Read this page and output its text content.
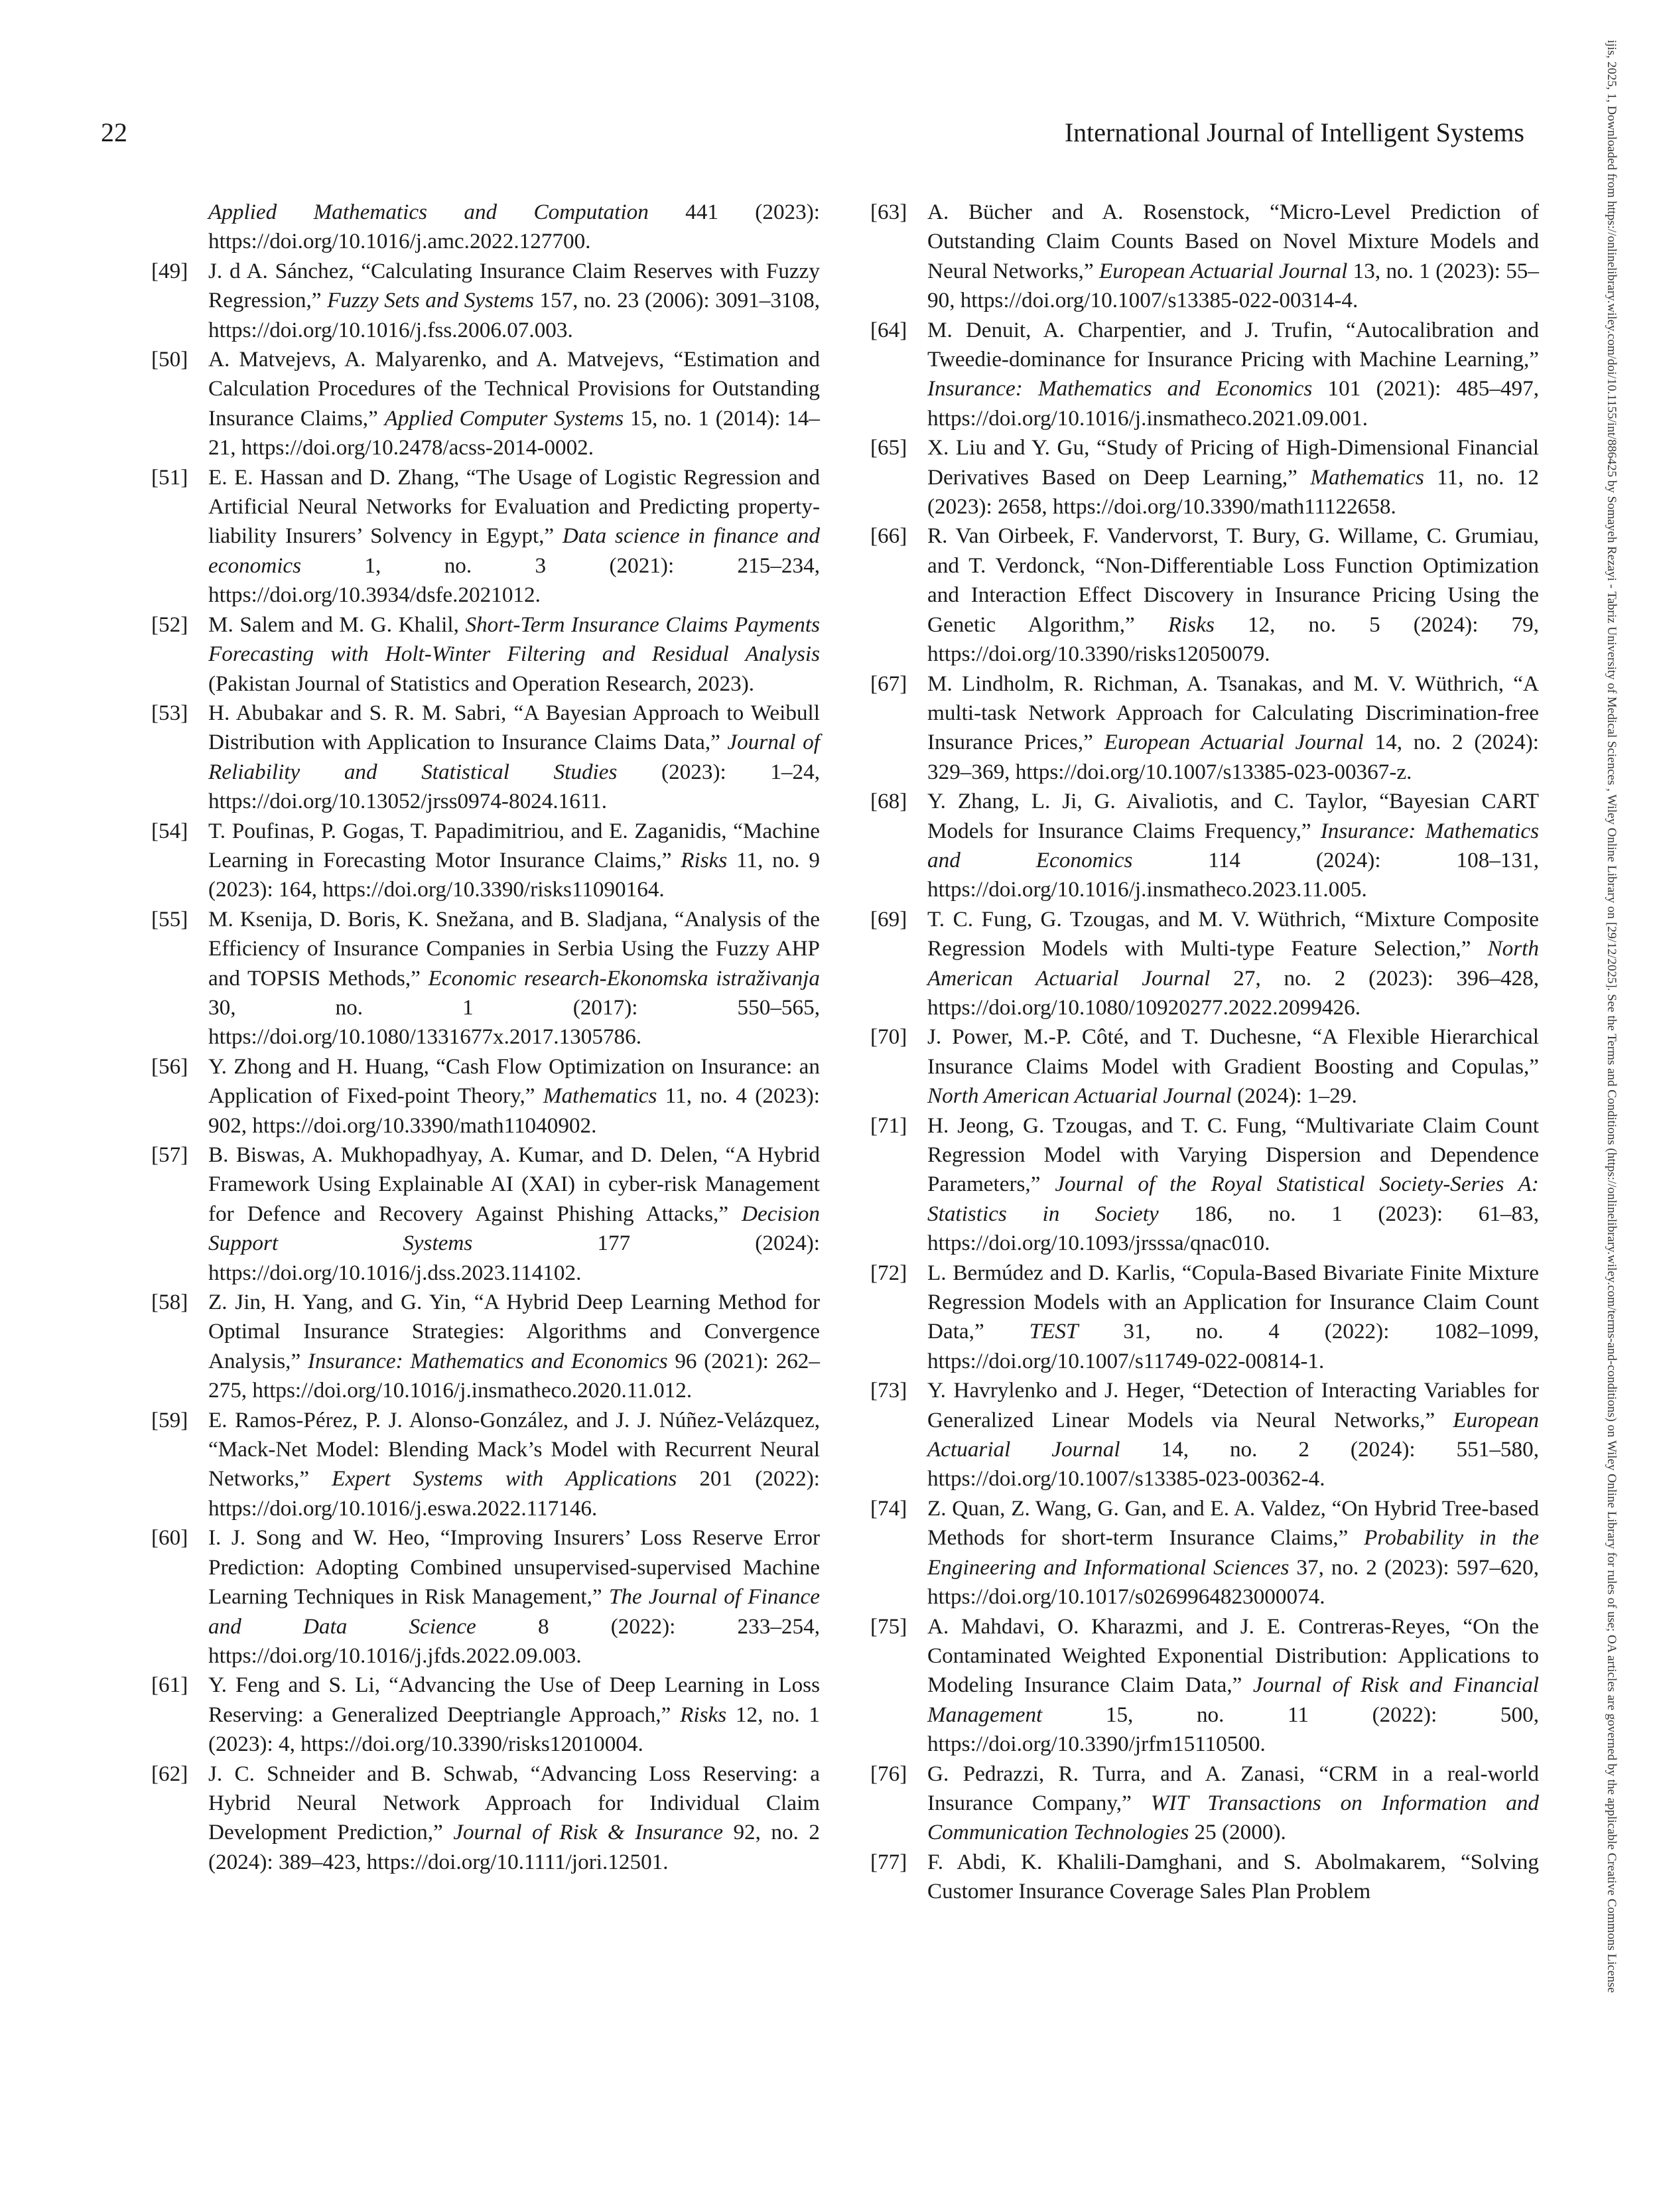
22	International Journal of Intelligent Systems

Applied Mathematics and Computation 441 (2023): https://doi.org/10.1016/j.amc.2022.127700.

[49] J. d A. Sánchez, “Calculating Insurance Claim Reserves with Fuzzy Regression,” Fuzzy Sets and Systems 157, no. 23 (2006): 3091–3108, https://doi.org/10.1016/j.fss.2006.07.003.

[50] A. Matvejevs, A. Malyarenko, and A. Matvejevs, “Estimation and Calculation Procedures of the Technical Provisions for Outstanding Insurance Claims,” Applied Computer Systems 15, no. 1 (2014): 14–21, https://doi.org/10.2478/acss-2014-0002.

[51] E. E. Hassan and D. Zhang, “The Usage of Logistic Regression and Artificial Neural Networks for Evaluation and Predicting property-liability Insurers’ Solvency in Egypt,” Data science in finance and economics 1, no. 3 (2021): 215–234, https://doi.org/10.3934/dsfe.2021012.

[52] M. Salem and M. G. Khalil, Short-Term Insurance Claims Payments Forecasting with Holt-Winter Filtering and Residual Analysis (Pakistan Journal of Statistics and Operation Research, 2023).

[53] H. Abubakar and S. R. M. Sabri, “A Bayesian Approach to Weibull Distribution with Application to Insurance Claims Data,” Journal of Reliability and Statistical Studies (2023): 1–24, https://doi.org/10.13052/jrss0974-8024.1611.

[54] T. Poufinas, P. Gogas, T. Papadimitriou, and E. Zaganidis, “Machine Learning in Forecasting Motor Insurance Claims,” Risks 11, no. 9 (2023): 164, https://doi.org/10.3390/risks11090164.

[55] M. Ksenija, D. Boris, K. Snežana, and B. Sladjana, “Analysis of the Efficiency of Insurance Companies in Serbia Using the Fuzzy AHP and TOPSIS Methods,” Economic research-Ekonomska istraživanja 30, no. 1 (2017): 550–565, https://doi.org/10.1080/1331677x.2017.1305786.

[56] Y. Zhong and H. Huang, “Cash Flow Optimization on Insurance: an Application of Fixed-point Theory,” Mathematics 11, no. 4 (2023): 902, https://doi.org/10.3390/math11040902.

[57] B. Biswas, A. Mukhopadhyay, A. Kumar, and D. Delen, “A Hybrid Framework Using Explainable AI (XAI) in cyber-risk Management for Defence and Recovery Against Phishing Attacks,” Decision Support Systems 177 (2024): https://doi.org/10.1016/j.dss.2023.114102.

[58] Z. Jin, H. Yang, and G. Yin, “A Hybrid Deep Learning Method for Optimal Insurance Strategies: Algorithms and Convergence Analysis,” Insurance: Mathematics and Economics 96 (2021): 262–275, https://doi.org/10.1016/j.insmatheco.2020.11.012.

[59] E. Ramos-Pérez, P. J. Alonso-González, and J. J. Núñez-Velázquez, “Mack-Net Model: Blending Mack’s Model with Recurrent Neural Networks,” Expert Systems with Applications 201 (2022): https://doi.org/10.1016/j.eswa.2022.117146.

[60] I. J. Song and W. Heo, “Improving Insurers’ Loss Reserve Error Prediction: Adopting Combined unsupervised-supervised Machine Learning Techniques in Risk Management,” The Journal of Finance and Data Science 8 (2022): 233–254, https://doi.org/10.1016/j.jfds.2022.09.003.

[61] Y. Feng and S. Li, “Advancing the Use of Deep Learning in Loss Reserving: a Generalized Deeptriangle Approach,” Risks 12, no. 1 (2023): 4, https://doi.org/10.3390/risks12010004.

[62] J. C. Schneider and B. Schwab, “Advancing Loss Reserving: a Hybrid Neural Network Approach for Individual Claim Development Prediction,” Journal of Risk & Insurance 92, no. 2 (2024): 389–423, https://doi.org/10.1111/jori.12501.

[63] A. Bücher and A. Rosenstock, “Micro-Level Prediction of Outstanding Claim Counts Based on Novel Mixture Models and Neural Networks,” European Actuarial Journal 13, no. 1 (2023): 55–90, https://doi.org/10.1007/s13385-022-00314-4.

[64] M. Denuit, A. Charpentier, and J. Trufin, “Autocalibration and Tweedie-dominance for Insurance Pricing with Machine Learning,” Insurance: Mathematics and Economics 101 (2021): 485–497, https://doi.org/10.1016/j.insmatheco.2021.09.001.

[65] X. Liu and Y. Gu, “Study of Pricing of High-Dimensional Financial Derivatives Based on Deep Learning,” Mathematics 11, no. 12 (2023): 2658, https://doi.org/10.3390/math11122658.

[66] R. Van Oirbeek, F. Vandervorst, T. Bury, G. Willame, C. Grumiau, and T. Verdonck, “Non-Differentiable Loss Function Optimization and Interaction Effect Discovery in Insurance Pricing Using the Genetic Algorithm,” Risks 12, no. 5 (2024): 79, https://doi.org/10.3390/risks12050079.

[67] M. Lindholm, R. Richman, A. Tsanakas, and M. V. Wüthrich, “A multi-task Network Approach for Calculating Discrimination-free Insurance Prices,” European Actuarial Journal 14, no. 2 (2024): 329–369, https://doi.org/10.1007/s13385-023-00367-z.

[68] Y. Zhang, L. Ji, G. Aivaliotis, and C. Taylor, “Bayesian CART Models for Insurance Claims Frequency,” Insurance: Mathematics and Economics 114 (2024): 108–131, https://doi.org/10.1016/j.insmatheco.2023.11.005.

[69] T. C. Fung, G. Tzougas, and M. V. Wüthrich, “Mixture Composite Regression Models with Multi-type Feature Selection,” North American Actuarial Journal 27, no. 2 (2023): 396–428, https://doi.org/10.1080/10920277.2022.2099426.

[70] J. Power, M.-P. Côté, and T. Duchesne, “A Flexible Hierarchical Insurance Claims Model with Gradient Boosting and Copulas,” North American Actuarial Journal (2024): 1–29.

[71] H. Jeong, G. Tzougas, and T. C. Fung, “Multivariate Claim Count Regression Model with Varying Dispersion and Dependence Parameters,” Journal of the Royal Statistical Society-Series A: Statistics in Society 186, no. 1 (2023): 61–83, https://doi.org/10.1093/jrsssa/qnac010.

[72] L. Bermúdez and D. Karlis, “Copula-Based Bivariate Finite Mixture Regression Models with an Application for Insurance Claim Count Data,” TEST 31, no. 4 (2022): 1082–1099, https://doi.org/10.1007/s11749-022-00814-1.

[73] Y. Havrylenko and J. Heger, “Detection of Interacting Variables for Generalized Linear Models via Neural Networks,” European Actuarial Journal 14, no. 2 (2024): 551–580, https://doi.org/10.1007/s13385-023-00362-4.

[74] Z. Quan, Z. Wang, G. Gan, and E. A. Valdez, “On Hybrid Tree-based Methods for short-term Insurance Claims,” Probability in the Engineering and Informational Sciences 37, no. 2 (2023): 597–620, https://doi.org/10.1017/s0269964823000074.

[75] A. Mahdavi, O. Kharazmi, and J. E. Contreras-Reyes, “On the Contaminated Weighted Exponential Distribution: Applications to Modeling Insurance Claim Data,” Journal of Risk and Financial Management 15, no. 11 (2022): 500, https://doi.org/10.3390/jrfm15110500.

[76] G. Pedrazzi, R. Turra, and A. Zanasi, “CRM in a real-world Insurance Company,” WIT Transactions on Information and Communication Technologies 25 (2000).

[77] F. Abdi, K. Khalili-Damghani, and S. Abolmakarem, “Solving Customer Insurance Coverage Sales Plan Problem	ijis, 2025, 1, Downloaded from https://onlinelibrary.wiley.com/doi/10.1155/int/886425 by Somayeh Rezayi - Tabriz University of Medical Sciences , Wiley Online Library on [29/12/2025]. See the Terms and Conditions (https://onlinelibrary.wiley.com/terms-and-conditions) on Wiley Online Library for rules of use; OA articles are governed by the applicable Creative Commons License
